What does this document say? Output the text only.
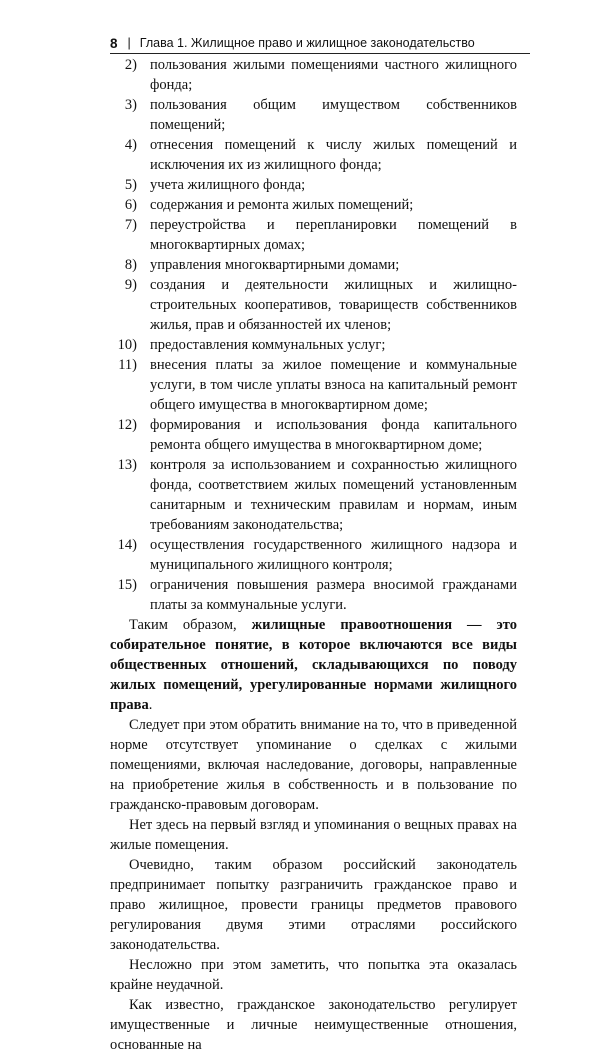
8 | Глава 1. Жилищное право и жилищное законодательство
2) пользования жилыми помещениями частного жилищного фонда;
3) пользования общим имуществом собственников помещений;
4) отнесения помещений к числу жилых помещений и исключения их из жилищного фонда;
5) учета жилищного фонда;
6) содержания и ремонта жилых помещений;
7) переустройства и перепланировки помещений в многоквартирных домах;
8) управления многоквартирными домами;
9) создания и деятельности жилищных и жилищно-строительных кооперативов, товариществ собственников жилья, прав и обязанностей их членов;
10) предоставления коммунальных услуг;
11) внесения платы за жилое помещение и коммунальные услуги, в том числе уплаты взноса на капитальный ремонт общего имущества в многоквартирном доме;
12) формирования и использования фонда капитального ремонта общего имущества в многоквартирном доме;
13) контроля за использованием и сохранностью жилищного фонда, соответствием жилых помещений установленным санитарным и техническим правилам и нормам, иным требованиям законодательства;
14) осуществления государственного жилищного надзора и муниципального жилищного контроля;
15) ограничения повышения размера вносимой гражданами платы за коммунальные услуги.

Таким образом, жилищные правоотношения — это собирательное понятие, в которое включаются все виды общественных отношений, складывающихся по поводу жилых помещений, урегулированные нормами жилищного права.

Следует при этом обратить внимание на то, что в приведенной норме отсутствует упоминание о сделках с жилыми помещениями, включая наследование, договоры, направленные на приобретение жилья в собственность и в пользование по гражданско-правовым договорам.

Нет здесь на первый взгляд и упоминания о вещных правах на жилые помещения.

Очевидно, таким образом российский законодатель предпринимает попытку разграничить гражданское право и право жилищное, провести границы предметов правового регулирования двумя этими отраслями российского законодательства.

Несложно при этом заметить, что попытка эта оказалась крайне неудачной.

Как известно, гражданское законодательство регулирует имущественные и личные неимущественные отношения, основанные на
